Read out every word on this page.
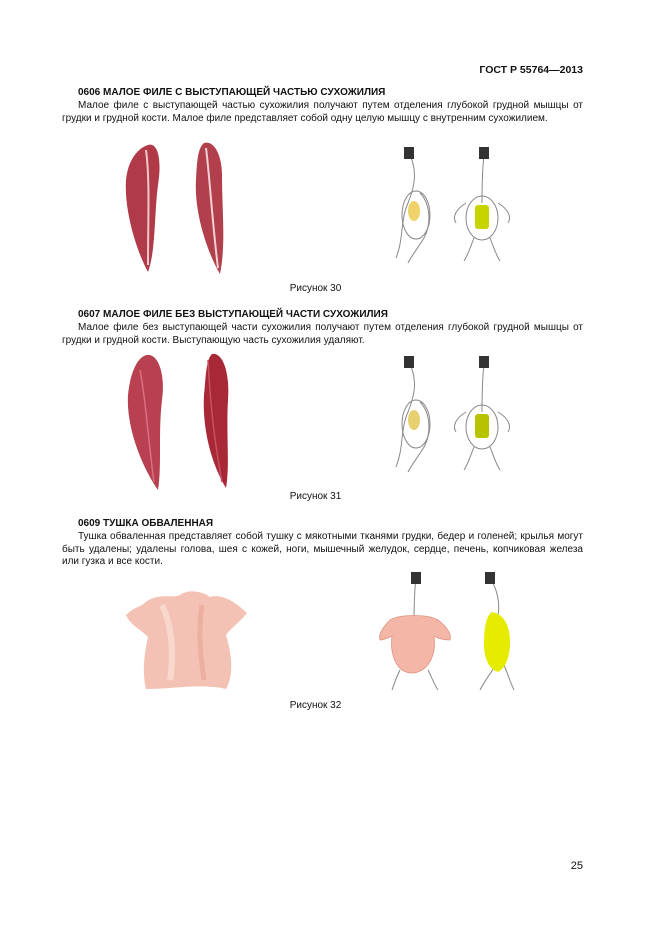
ГОСТ Р 55764—2013
0606 МАЛОЕ ФИЛЕ С ВЫСТУПАЮЩЕЙ ЧАСТЬЮ СУХОЖИЛИЯ
Малое филе с выступающей частью сухожилия получают путем отделения глубокой грудной мышцы от грудки и грудной кости. Малое филе представляет собой одну целую мышцу с внутренним сухожилием.
Рисунок 30
0607 МАЛОЕ ФИЛЕ БЕЗ ВЫСТУПАЮЩЕЙ ЧАСТИ СУХОЖИЛИЯ
Малое филе без выступающей части сухожилия получают путем отделения глубокой грудной мышцы от грудки и грудной кости. Выступающую часть сухожилия удаляют.
Рисунок 31
0609 ТУШКА ОБВАЛЕННАЯ
Тушка обваленная представляет собой тушку с мякотными тканями грудки, бедер и голеней; крылья могут быть удалены; удалены голова, шея с кожей, ноги, мышечный желудок, сердце, печень, копчиковая железа или гузка и все кости.
Рисунок 32
25
